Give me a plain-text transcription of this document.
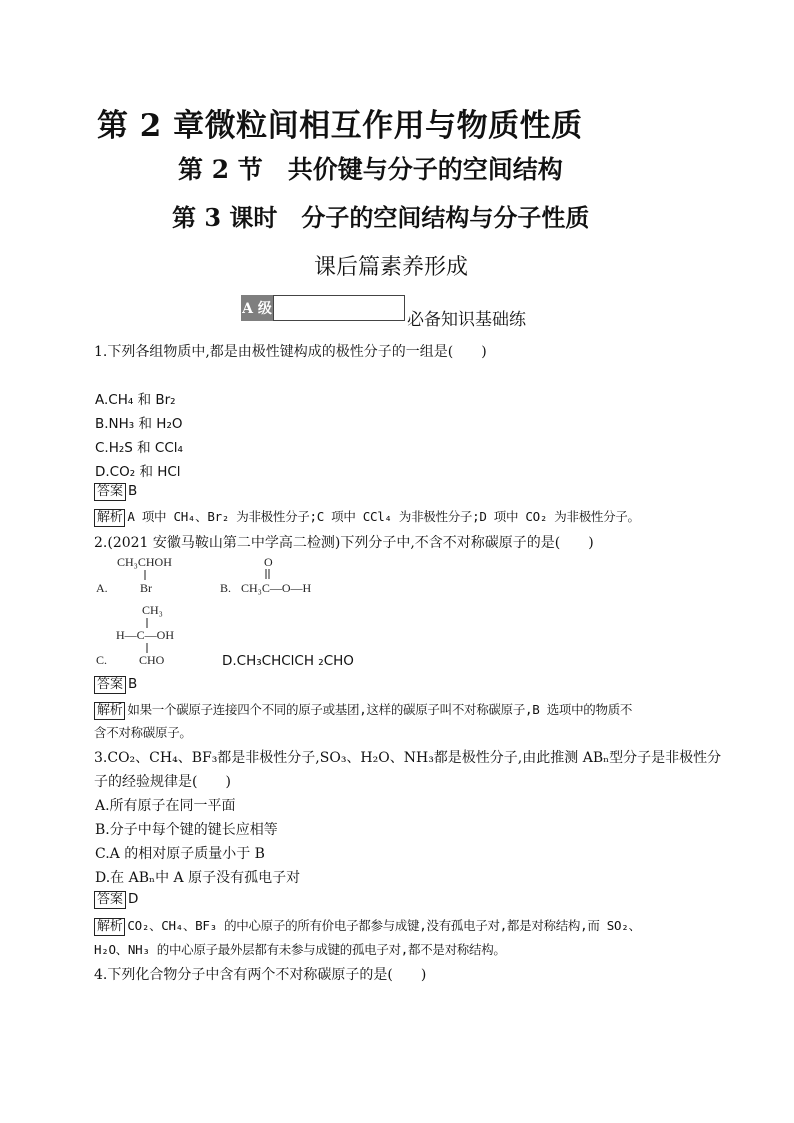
第 2 章微粒间相互作用与物质性质
第 2 节　共价键与分子的空间结构
第 3 课时　分子的空间结构与分子性质
课后篇素养形成
A 级
必备知识基础练
1.下列各组物质中,都是由极性键构成的极性分子的一组是(　　)
A.CH₄ 和 Br₂
B.NH₃ 和 H₂O
C.H₂S 和 CCl₄
D.CO₂ 和 HCl
答案 B
解析 A 项中 CH₄、Br₂ 为非极性分子;C 项中 CCl₄ 为非极性分子;D 项中 CO₂ 为非极性分子。
2.(2021 安徽马鞍山第二中学高二检测)下列分子中,不含不对称碳原子的是(　　)
A.
CH₃CHOH
Br	B.
O
CH₃C—O—H
CH₃
H—C—OH
C.	CHO	D.CH₃CHClCH ₂CHO
答案 B
解析 如果一个碳原子连接四个不同的原子或基团,这样的碳原子叫不对称碳原子,B 选项中的物质不
含不对称碳原子。
3.CO₂、CH₄、BF₃都是非极性分子,SO₃、H₂O、NH₃都是极性分子,由此推测 ABₙ型分子是非极性分
子的经验规律是(　　)
A.所有原子在同一平面
B.分子中每个键的键长应相等
C.A 的相对原子质量小于 B
D.在 ABₙ中 A 原子没有孤电子对
答案 D
解析 CO₂、CH₄、BF₃ 的中心原子的所有价电子都参与成键,没有孤电子对,都是对称结构,而 SO₂、
H₂O、NH₃ 的中心原子最外层都有未参与成键的孤电子对,都不是对称结构。
4.下列化合物分子中含有两个不对称碳原子的是(　　)
